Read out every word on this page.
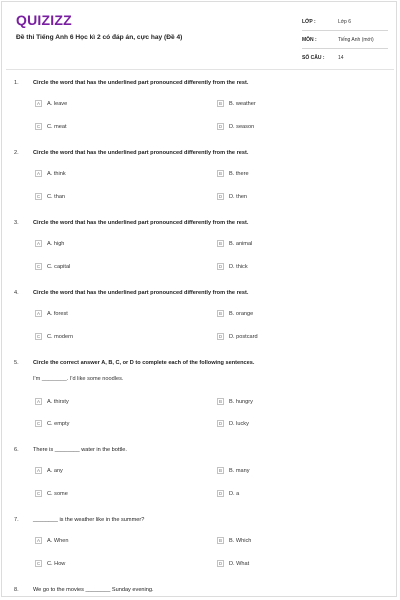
QUIZIZZ
Đề thi Tiếng Anh 6 Học kì 2 có đáp án, cực hay (Đề 4)
LỚP :	Lớp 6
MÔN :	Tiếng Anh (mới)
SỐ CÂU :	14
1.	Circle the word that has the underlined part pronounced differently from the rest.
A	A. leave	B	B. weather
C	C. meat	D	D. season
2.	Circle the word that has the underlined part pronounced differently from the rest.
A	A. think	B	B. there
C	C. than	D	D. then
3.	Circle the word that has the underlined part pronounced differently from the rest.
A	A. high	B	B. animal
C	C. capital	D	D. thick
4.	Circle the word that has the underlined part pronounced differently from the rest.
A	A. forest	B	B. orange
C	C. modern	D	D. postcard
5.	Circle the correct answer A, B, C, or D to complete each of the following sentences.
I'm ________. I'd like some noodles.
A	A. thirsty	B	B. hungry
C	C. empty	D	D. lucky
6.	There is ________ water in the bottle.
A	A. any	B	B. many
C	C. some	D	D. a
7.	________ is the weather like in the summer?
A	A. When	B	B. Which
C	C. How	D	D. What
8.	We go to the movies ________ Sunday evening.
